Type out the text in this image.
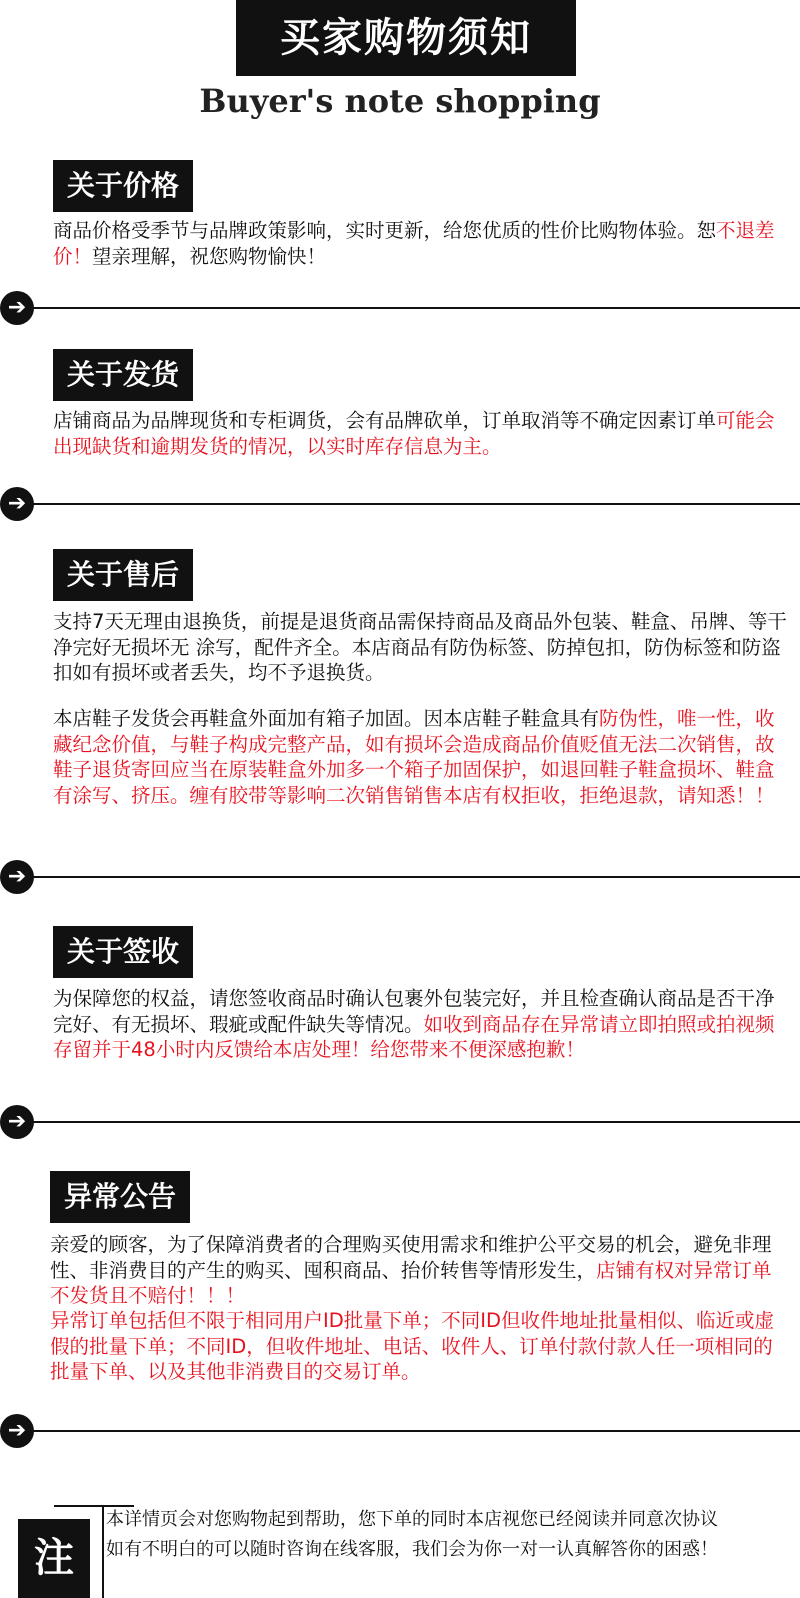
买家购物须知
Buyer's note shopping
关于价格
商品价格受季节与品牌政策影响，实时更新，给您优质的性价比购物体验。恕不退差价！望亲理解，祝您购物愉快！
➔
关于发货
店铺商品为品牌现货和专柜调货，会有品牌砍单，订单取消等不确定因素订单可能会出现缺货和逾期发货的情况，以实时库存信息为主。
➔
关于售后
支持7天无理由退换货，前提是退货商品需保持商品及商品外包装、鞋盒、吊牌、等干净完好无损坏无 涂写，配件齐全。本店商品有防伪标签、防掉包扣，防伪标签和防盗扣如有损坏或者丢失，均不予退换货。
本店鞋子发货会再鞋盒外面加有箱子加固。因本店鞋子鞋盒具有防伪性，唯一性，收藏纪念价值，与鞋子构成完整产品，如有损坏会造成商品价值贬值无法二次销售，故鞋子退货寄回应当在原装鞋盒外加多一个箱子加固保护，如退回鞋子鞋盒损坏、鞋盒有涂写、挤压。缠有胶带等影响二次销售销售本店有权拒收，拒绝退款，请知悉！！
➔
关于签收
为保障您的权益，请您签收商品时确认包裹外包装完好，并且检查确认商品是否干净完好、有无损坏、瑕疵或配件缺失等情况。如收到商品存在异常请立即拍照或拍视频存留并于48小时内反馈给本店处理！给您带来不便深感抱歉！
➔
异常公告
亲爱的顾客，为了保障消费者的合理购买使用需求和维护公平交易的机会，避免非理性、非消费目的产生的购买、囤积商品、抬价转售等情形发生，店铺有权对异常订单不发货且不赔付！！！
异常订单包括但不限于相同用户ID批量下单；不同ID但收件地址批量相似、临近或虚假的批量下单；不同ID，但收件地址、电话、收件人、订单付款付款人任一项相同的批量下单、以及其他非消费目的交易订单。
➔
注
本详情页会对您购物起到帮助，您下单的同时本店视您已经阅读并同意次协议
如有不明白的可以随时咨询在线客服，我们会为你一对一认真解答你的困惑！
